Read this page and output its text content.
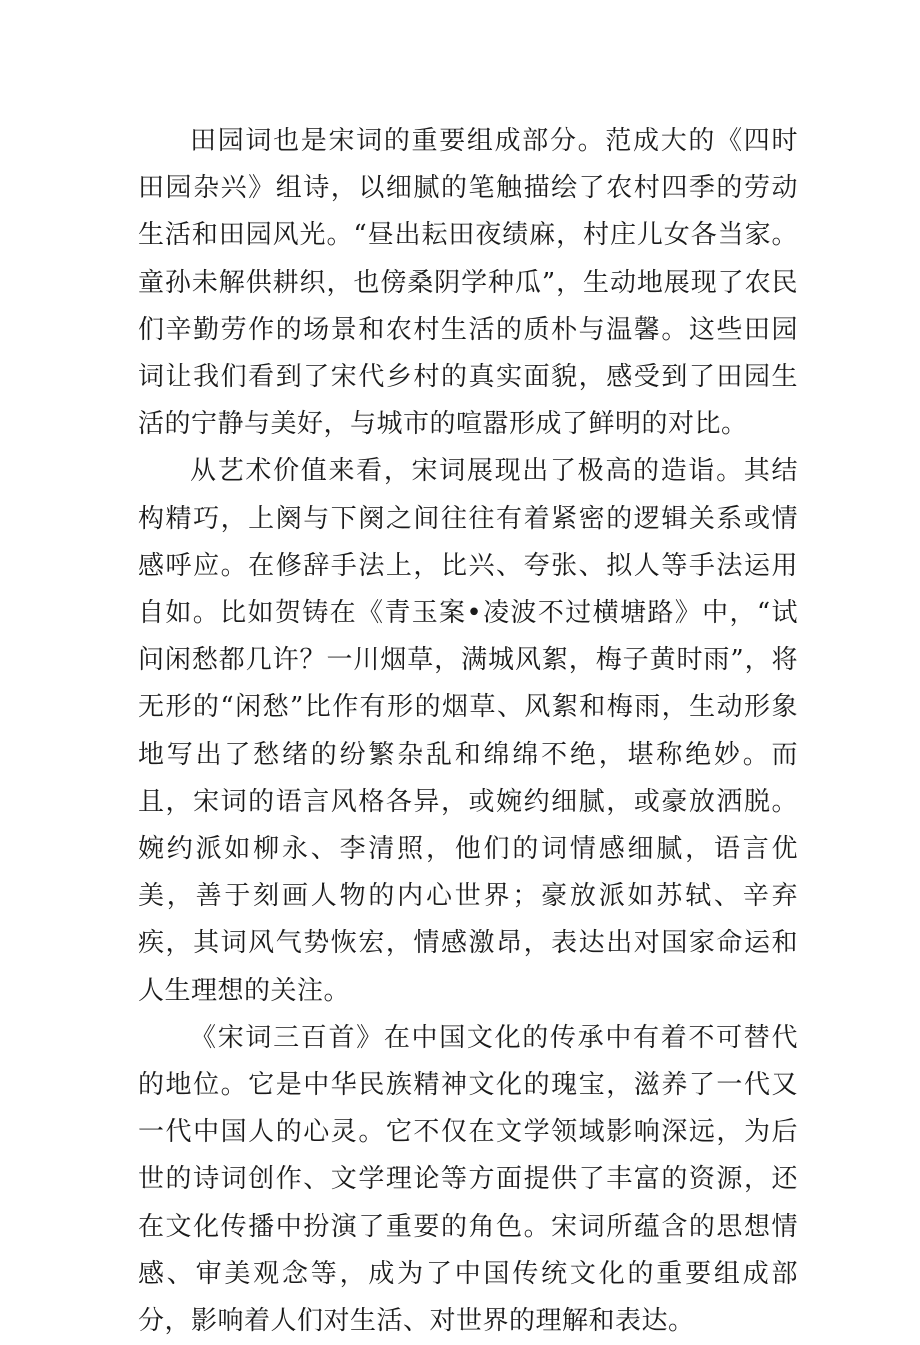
田园词也是宋词的重要组成部分。范成大的《四时田园杂兴》组诗，以细腻的笔触描绘了农村四季的劳动生活和田园风光。“昼出耘田夜绩麻，村庄儿女各当家。童孙未解供耕织，也傍桑阴学种瓜”，生动地展现了农民们辛勤劳作的场景和农村生活的质朴与温馨。这些田园词让我们看到了宋代乡村的真实面貌，感受到了田园生活的宁静与美好，与城市的喧嚣形成了鲜明的对比。

从艺术价值来看，宋词展现出了极高的造诣。其结构精巧，上阕与下阕之间往往有着紧密的逻辑关系或情感呼应。在修辞手法上，比兴、夸张、拟人等手法运用自如。比如贺铸在《青玉案•凌波不过横塘路》中，“试问闲愁都几许？一川烟草，满城风絮，梅子黄时雨”，将无形的“闲愁”比作有形的烟草、风絮和梅雨，生动形象地写出了愁绪的纷繁杂乱和绵绵不绝，堪称绝妙。而且，宋词的语言风格各异，或婉约细腻，或豪放洒脱。婉约派如柳永、李清照，他们的词情感细腻，语言优美，善于刻画人物的内心世界；豪放派如苏轼、辛弃疾，其词风气势恢宏，情感激昂，表达出对国家命运和人生理想的关注。

《宋词三百首》在中国文化的传承中有着不可替代的地位。它是中华民族精神文化的瑰宝，滋养了一代又一代中国人的心灵。它不仅在文学领域影响深远，为后世的诗词创作、文学理论等方面提供了丰富的资源，还在文化传播中扮演了重要的角色。宋词所蕴含的思想情感、审美观念等，成为了中国传统文化的重要组成部分，影响着人们对生活、对世界的理解和表达。
